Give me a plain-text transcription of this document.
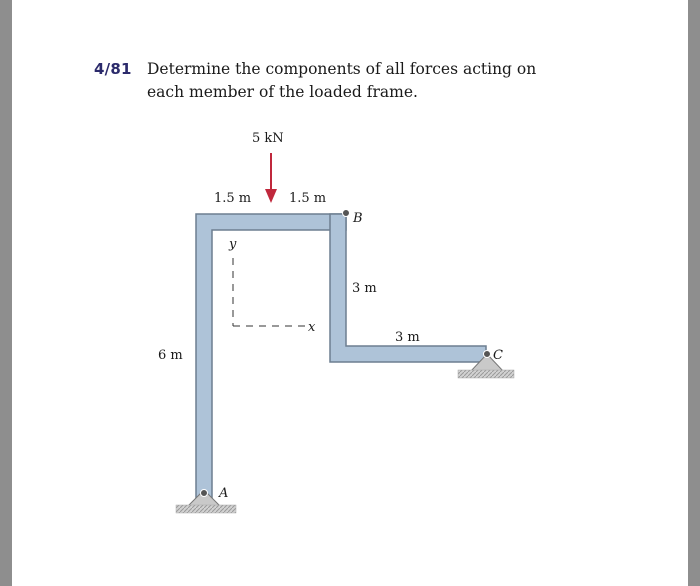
4/81 Determine the components of all forces acting on
each member of the loaded frame.
5 kN
1.5 m	1.5 m
B
y
3 m
x
3 m
C
6 m
A
